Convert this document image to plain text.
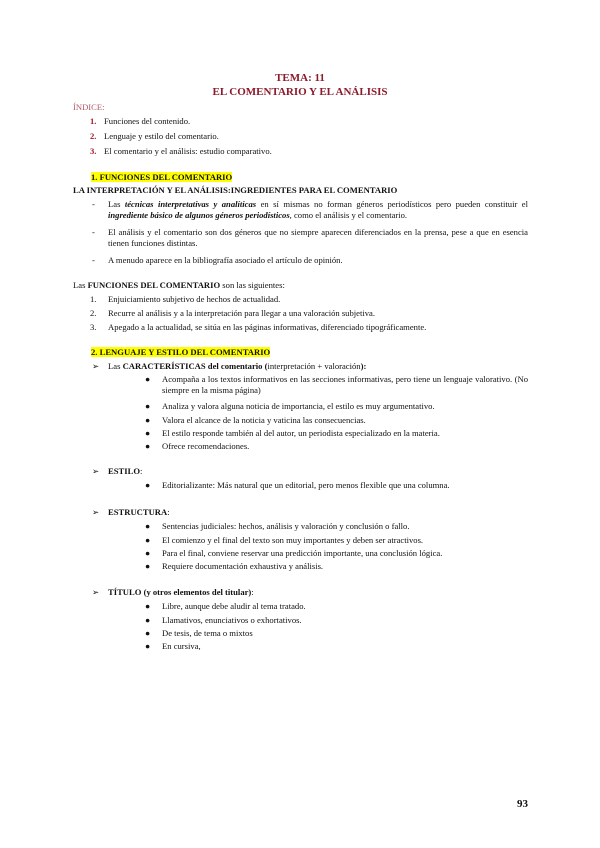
TEMA: 11
EL COMENTARIO Y EL ANÁLISIS
ÍNDICE:
1. Funciones del contenido.
2. Lenguaje y estilo del comentario.
3. El comentario y el análisis: estudio comparativo.
1. FUNCIONES DEL COMENTARIO
LA INTERPRETACIÓN Y EL ANÁLISIS:INGREDIENTES PARA EL COMENTARIO
- Las técnicas interpretativas y analíticas en sí mismas no forman géneros periodísticos pero pueden constituir el ingrediente básico de algunos géneros periodísticos, como el análisis y el comentario.
- El análisis y el comentario son dos géneros que no siempre aparecen diferenciados en la prensa, pese a que en esencia tienen funciones distintas.
- A menudo aparece en la bibliografía asociado el artículo de opinión.
Las FUNCIONES DEL COMENTARIO son las siguientes:
1. Enjuiciamiento subjetivo de hechos de actualidad.
2. Recurre al análisis y a la interpretación para llegar a una valoración subjetiva.
3. Apegado a la actualidad, se sitúa en las páginas informativas, diferenciado tipográficamente.
2. LENGUAJE Y ESTILO DEL COMENTARIO
➢ Las CARACTERÍSTICAS del comentario (interpretación + valoración):
● Acompaña a los textos informativos en las secciones informativas, pero tiene un lenguaje valorativo. (No siempre en la misma página)
● Analiza y valora alguna noticia de importancia, el estilo es muy argumentativo.
● Valora el alcance de la noticia y vaticina las consecuencias.
● El estilo responde también al del autor, un periodista especializado en la materia.
● Ofrece recomendaciones.
➢ ESTILO:
● Editorializante: Más natural que un editorial, pero menos flexible que una columna.
➢ ESTRUCTURA:
● Sentencias judiciales: hechos, análisis y valoración y conclusión o fallo.
● El comienzo y el final del texto son muy importantes y deben ser atractivos.
● Para el final, conviene reservar una predicción importante, una conclusión lógica.
● Requiere documentación exhaustiva y análisis.
➢ TÍTULO (y otros elementos del titular):
● Libre, aunque debe aludir al tema tratado.
● Llamativos, enunciativos o exhortativos.
● De tesis, de tema o mixtos
● En cursiva,
93
